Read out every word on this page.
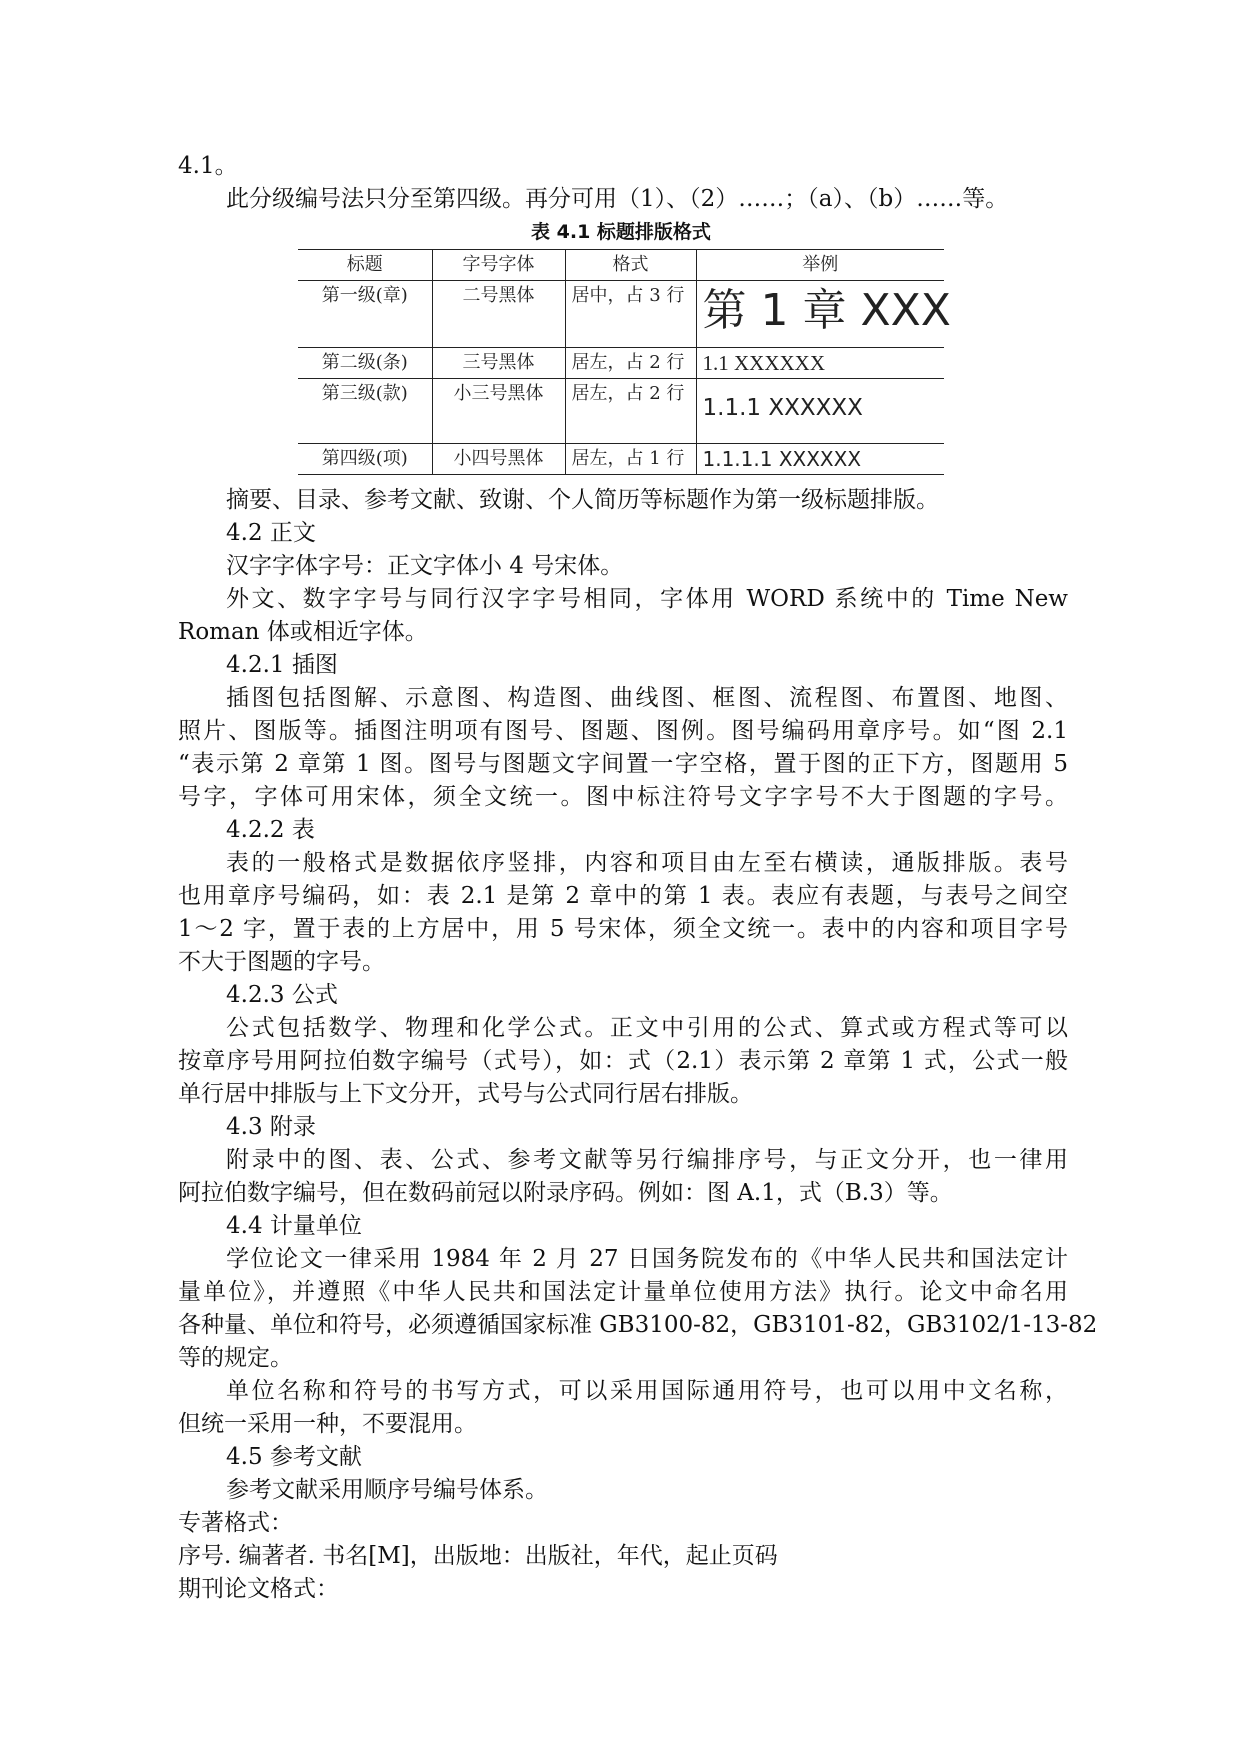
4.1。
此分级编号法只分至第四级。再分可用（1）、（2）……；（a）、（b）……等。
表 4.1 标题排版格式
标题	字号字体	格式	举例
第一级(章)	二号黑体	居中，占 3 行	第 1 章 XXX
第二级(条)	三号黑体	居左，占 2 行	1.1 XXXXXX
第三级(款)	小三号黑体	居左，占 2 行	1.1.1 XXXXXX
第四级(项)	小四号黑体	居左，占 1 行	1.1.1.1 XXXXXX
摘要、目录、参考文献、致谢、个人简历等标题作为第一级标题排版。
4.2 正文
汉字字体字号：正文字体小 4 号宋体。
外文、数字字号与同行汉字字号相同，字体用 WORD 系统中的 Time New
Roman 体或相近字体。
4.2.1 插图
插图包括图解、示意图、构造图、曲线图、框图、流程图、布置图、地图、
照片、图版等。插图注明项有图号、图题、图例。图号编码用章序号。如“图 2.1
“表示第 2 章第 1 图。图号与图题文字间置一字空格，置于图的正下方，图题用 5
号字，字体可用宋体，须全文统一。图中标注符号文字字号不大于图题的字号。
4.2.2 表
表的一般格式是数据依序竖排，内容和项目由左至右横读，通版排版。表号
也用章序号编码，如：表 2.1 是第 2 章中的第 1 表。表应有表题，与表号之间空
1～2 字，置于表的上方居中，用 5 号宋体，须全文统一。表中的内容和项目字号
不大于图题的字号。
4.2.3 公式
公式包括数学、物理和化学公式。正文中引用的公式、算式或方程式等可以
按章序号用阿拉伯数字编号（式号），如：式（2.1）表示第 2 章第 1 式，公式一般
单行居中排版与上下文分开，式号与公式同行居右排版。
4.3 附录
附录中的图、表、公式、参考文献等另行编排序号，与正文分开，也一律用
阿拉伯数字编号，但在数码前冠以附录序码。例如：图 A.1，式（B.3）等。
4.4 计量单位
学位论文一律采用 1984 年 2 月 27 日国务院发布的《中华人民共和国法定计
量单位》，并遵照《中华人民共和国法定计量单位使用方法》执行。论文中命名用
各种量、单位和符号，必须遵循国家标准 GB3100-82，GB3101-82，GB3102/1-13-82
等的规定。
单位名称和符号的书写方式，可以采用国际通用符号，也可以用中文名称，
但统一采用一种，不要混用。
4.5 参考文献
参考文献采用顺序号编号体系。
专著格式：
序号. 编著者. 书名[M]，出版地：出版社，年代，起止页码
期刊论文格式：
